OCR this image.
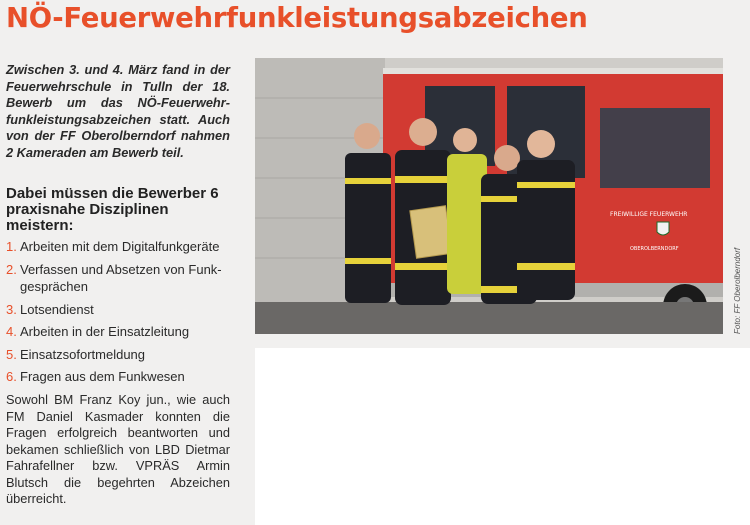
NÖ-Feuerwehrfunkleistungsabzeichen
Zwischen 3. und 4. März fand in der Feuerwehrschule in Tulln der 18. Bewerb um das NÖ-Feuerwehr-funkleistungsabzeichen statt. Auch von der FF Oberolberndorf nahmen 2 Kameraden am Bewerb teil.
Dabei müssen die Bewerber 6 praxisnahe Disziplinen meistern:
1. Arbeiten mit dem Digitalfunkgeräte
2. Verfassen und Absetzen von Funk-gesprächen
3. Lotsendienst
4. Arbeiten in der Einsatzleitung
5. Einsatzsofortmeldung
6. Fragen aus dem Funkwesen
Sowohl BM Franz Koy jun., wie auch FM Daniel Kasmader konnten die Fragen erfolgreich beantworten und bekamen schließlich von LBD Dietmar Fahrafellner bzw. VPRÄS Armin Blutsch die begehrten Abzeichen überreicht.
FREIWILLIGE FEUERWEHR
OBEROLBERNDORF	Foto: FF Oberolberndorf
